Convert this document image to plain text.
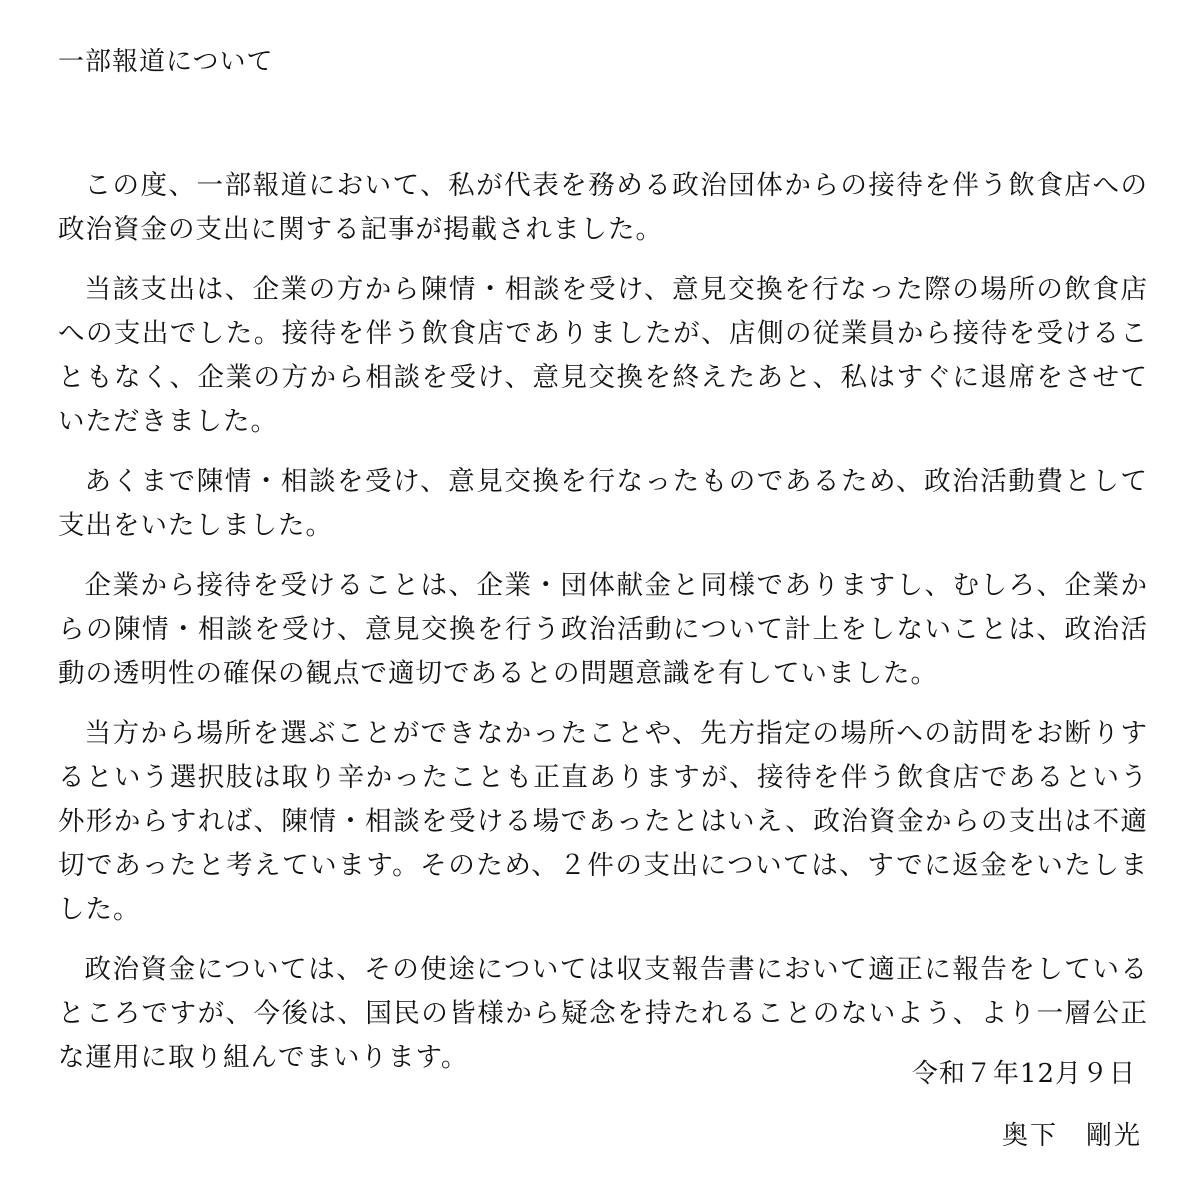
一部報道について

この度、一部報道において、私が代表を務める政治団体からの接待を伴う飲食店への政治資金の支出に関する記事が掲載されました。

当該支出は、企業の方から陳情・相談を受け、意見交換を行なった際の場所の飲食店への支出でした。接待を伴う飲食店でありましたが、店側の従業員から接待を受けることもなく、企業の方から相談を受け、意見交換を終えたあと、私はすぐに退席をさせていただきました。

あくまで陳情・相談を受け、意見交換を行なったものであるため、政治活動費として支出をいたしました。

企業から接待を受けることは、企業・団体献金と同様でありますし、むしろ、企業からの陳情・相談を受け、意見交換を行う政治活動について計上をしないことは、政治活動の透明性の確保の観点で適切であるとの問題意識を有していました。

当方から場所を選ぶことができなかったことや、先方指定の場所への訪問をお断りするという選択肢は取り辛かったことも正直ありますが、接待を伴う飲食店であるという外形からすれば、陳情・相談を受ける場であったとはいえ、政治資金からの支出は不適切であったと考えています。そのため、２件の支出については、すでに返金をいたしました。

政治資金については、その使途については収支報告書において適正に報告をしているところですが、今後は、国民の皆様から疑念を持たれることのないよう、より一層公正な運用に取り組んでまいります。

令和７年12月９日
奥下　剛光
